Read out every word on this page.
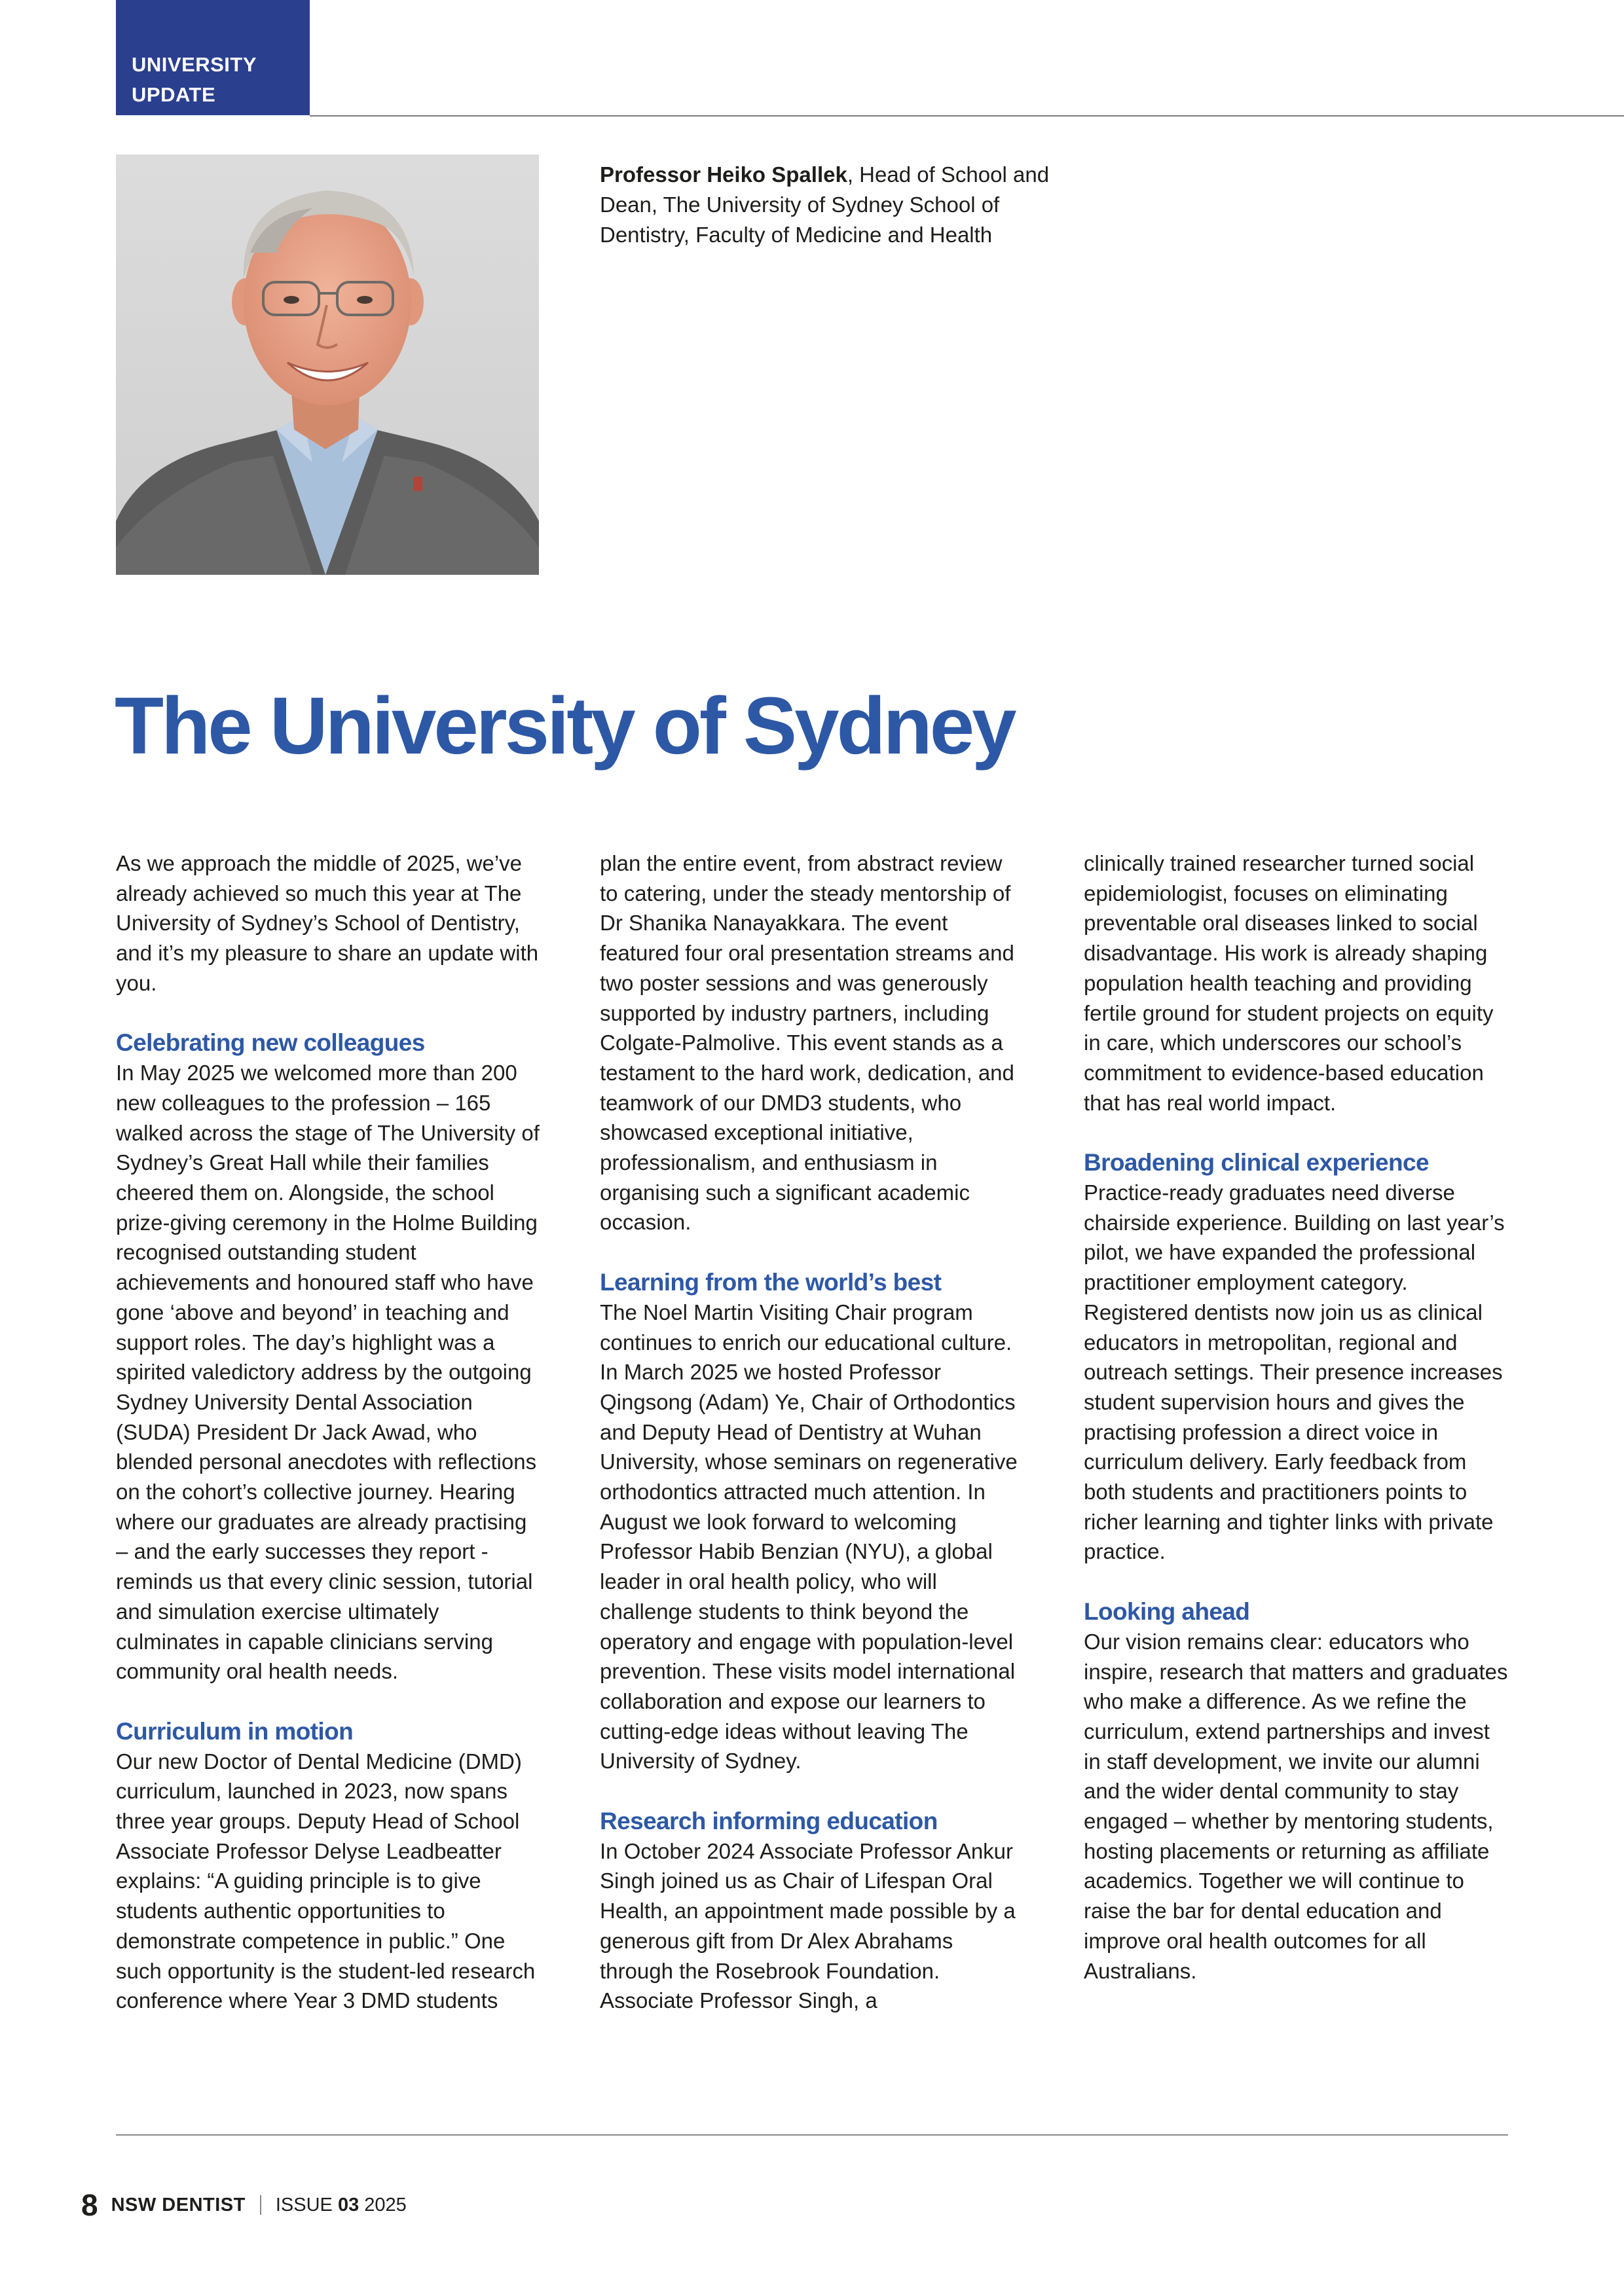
UNIVERSITY
UPDATE
Professor Heiko Spallek, Head of School and Dean, The University of Sydney School of Dentistry, Faculty of Medicine and Health
The University of Sydney

As we approach the middle of 2025, we’ve already achieved so much this year at The University of Sydney’s School of Dentistry, and it’s my pleasure to share an update with you.

Celebrating new colleagues

In May 2025 we welcomed more than 200 new colleagues to the profession – 165 walked across the stage of The University of Sydney’s Great Hall while their families cheered them on. Alongside, the school prize-giving ceremony in the Holme Building recognised outstanding student achievements and honoured staff who have gone ‘above and beyond’ in teaching and support roles. The day’s highlight was a spirited valedictory address by the outgoing Sydney University Dental Association (SUDA) President Dr Jack Awad, who blended personal anecdotes with reflections on the cohort’s collective journey. Hearing where our graduates are already practising – and the early successes they report - reminds us that every clinic session, tutorial and simulation exercise ultimately culminates in capable clinicians serving community oral health needs.

Curriculum in motion

Our new Doctor of Dental Medicine (DMD) curriculum, launched in 2023, now spans three year groups. Deputy Head of School Associate Professor Delyse Leadbeatter explains: “A guiding principle is to give students authentic opportunities to demonstrate competence in public.” One such opportunity is the student-led research conference where Year 3 DMD students

plan the entire event, from abstract review to catering, under the steady mentorship of Dr Shanika Nanayakkara. The event featured four oral presentation streams and two poster sessions and was generously supported by industry partners, including Colgate-Palmolive. This event stands as a testament to the hard work, dedication, and teamwork of our DMD3 students, who showcased exceptional initiative, professionalism, and enthusiasm in organising such a significant academic occasion.

Learning from the world’s best

The Noel Martin Visiting Chair program continues to enrich our educational culture. In March 2025 we hosted Professor Qingsong (Adam) Ye, Chair of Orthodontics and Deputy Head of Dentistry at Wuhan University, whose seminars on regenerative orthodontics attracted much attention. In August we look forward to welcoming Professor Habib Benzian (NYU), a global leader in oral health policy, who will challenge students to think beyond the operatory and engage with population-level prevention. These visits model international collaboration and expose our learners to cutting-edge ideas without leaving The University of Sydney.

Research informing education

In October 2024 Associate Professor Ankur Singh joined us as Chair of Lifespan Oral Health, an appointment made possible by a generous gift from Dr Alex Abrahams through the Rosebrook Foundation. Associate Professor Singh, a

clinically trained researcher turned social epidemiologist, focuses on eliminating preventable oral diseases linked to social disadvantage. His work is already shaping population health teaching and providing fertile ground for student projects on equity in care, which underscores our school’s commitment to evidence-based education that has real world impact.

Broadening clinical experience

Practice-ready graduates need diverse chairside experience. Building on last year’s pilot, we have expanded the professional practitioner employment category. Registered dentists now join us as clinical educators in metropolitan, regional and outreach settings. Their presence increases student supervision hours and gives the practising profession a direct voice in curriculum delivery. Early feedback from both students and practitioners points to richer learning and tighter links with private practice.

Looking ahead

Our vision remains clear: educators who inspire, research that matters and graduates who make a difference. As we refine the curriculum, extend partnerships and invest in staff development, we invite our alumni and the wider dental community to stay engaged – whether by mentoring students, hosting placements or returning as affiliate academics. Together we will continue to raise the bar for dental education and improve oral health outcomes for all Australians.

8 NSW DENTIST ISSUE 03 2025
